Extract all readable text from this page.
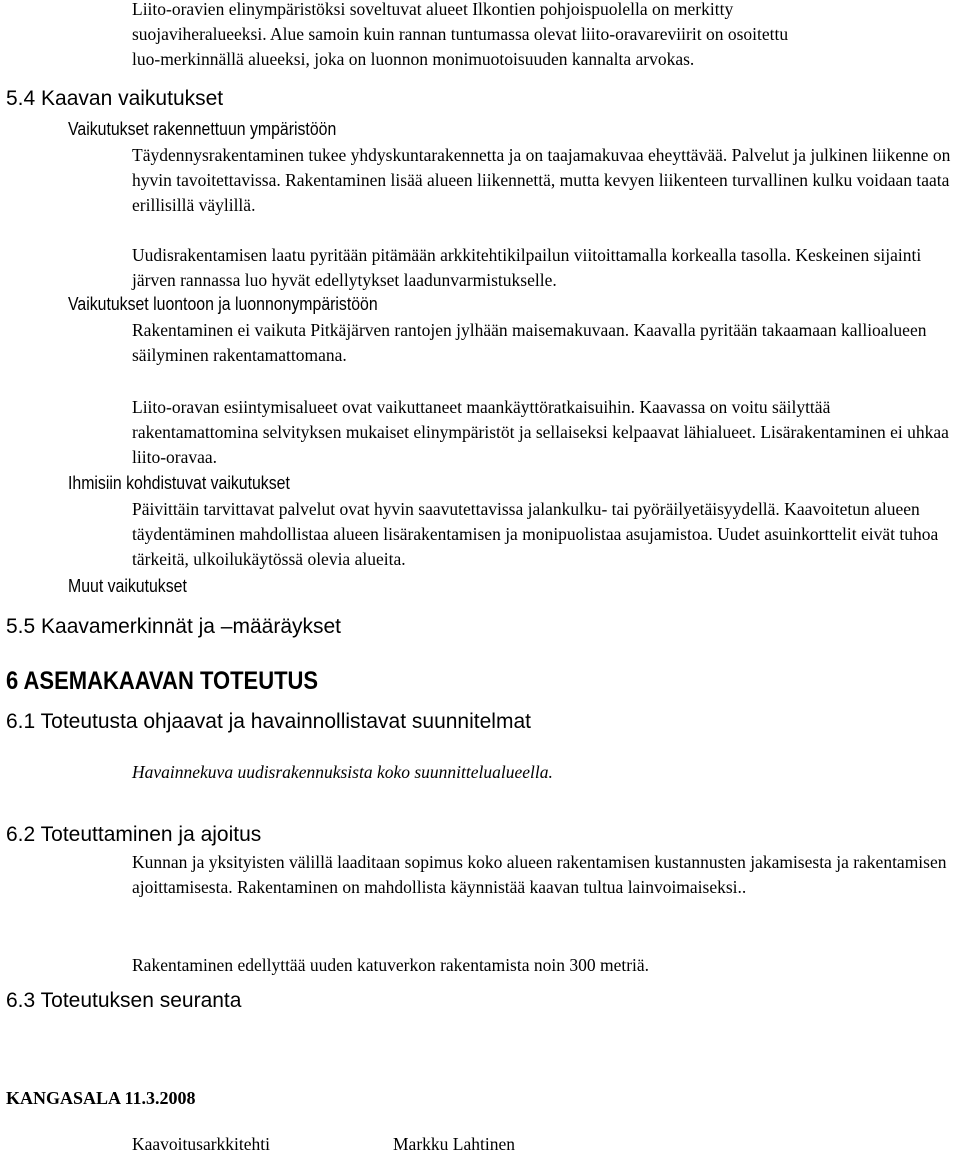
Liito-oravien elinympäristöksi soveltuvat alueet Ilkontien pohjoispuolella on merkitty

suojaviheralueeksi. Alue samoin kuin rannan tuntumassa olevat liito-oravareviirit on osoitettu

luo-merkinnällä alueeksi, joka on luonnon monimuotoisuuden kannalta arvokas.

5.4 Kaavan vaikutukset
Vaikutukset rakennettuun ympäristöön

Täydennysrakentaminen tukee yhdyskuntarakennetta ja on taajamakuvaa eheyttävää. Palvelut ja julkinen liikenne on hyvin tavoitettavissa. Rakentaminen lisää alueen liikennettä, mutta kevyen liikenteen turvallinen kulku voidaan taata erillisillä väylillä.

Uudisrakentamisen laatu pyritään pitämään arkkitehtikilpailun viitoittamalla korkealla tasolla. Keskeinen sijainti järven rannassa luo hyvät edellytykset laadunvarmistukselle.

Vaikutukset luontoon ja luonnonympäristöön

Rakentaminen ei vaikuta Pitkäjärven rantojen jylhään maisemakuvaan. Kaavalla pyritään takaamaan kallioalueen säilyminen rakentamattomana.

Liito-oravan esiintymisalueet ovat vaikuttaneet maankäyttöratkaisuihin. Kaavassa on voitu säilyttää rakentamattomina selvityksen mukaiset elinympäristöt ja sellaiseksi kelpaavat lähialueet. Lisärakentaminen ei uhkaa liito-oravaa.

Ihmisiin kohdistuvat vaikutukset

Päivittäin tarvittavat palvelut ovat hyvin saavutettavissa jalankulku- tai pyöräilyetäisyydellä. Kaavoitetun alueen täydentäminen mahdollistaa alueen lisärakentamisen ja monipuolistaa asujamistoa. Uudet asuinkorttelit eivät tuhoa tärkeitä, ulkoilukäytössä olevia alueita.

Muut vaikutukset
5.5 Kaavamerkinnät ja –määräykset
6 ASEMAKAAVAN TOTEUTUS
6.1 Toteutusta ohjaavat ja havainnollistavat suunnitelmat

Havainnekuva uudisrakennuksista koko suunnittelualueella.

6.2 Toteuttaminen ja ajoitus

Kunnan ja yksityisten välillä laaditaan sopimus koko alueen rakentamisen kustannusten jakamisesta ja rakentamisen ajoittamisesta. Rakentaminen on mahdollista käynnistää kaavan tultua lainvoimaiseksi..

Rakentaminen edellyttää uuden katuverkon rakentamista noin 300 metriä.

6.3 Toteutuksen seuranta

KANGASALA 11.3.2008

Kaavoitusarkkitehti	Markku Lahtinen
